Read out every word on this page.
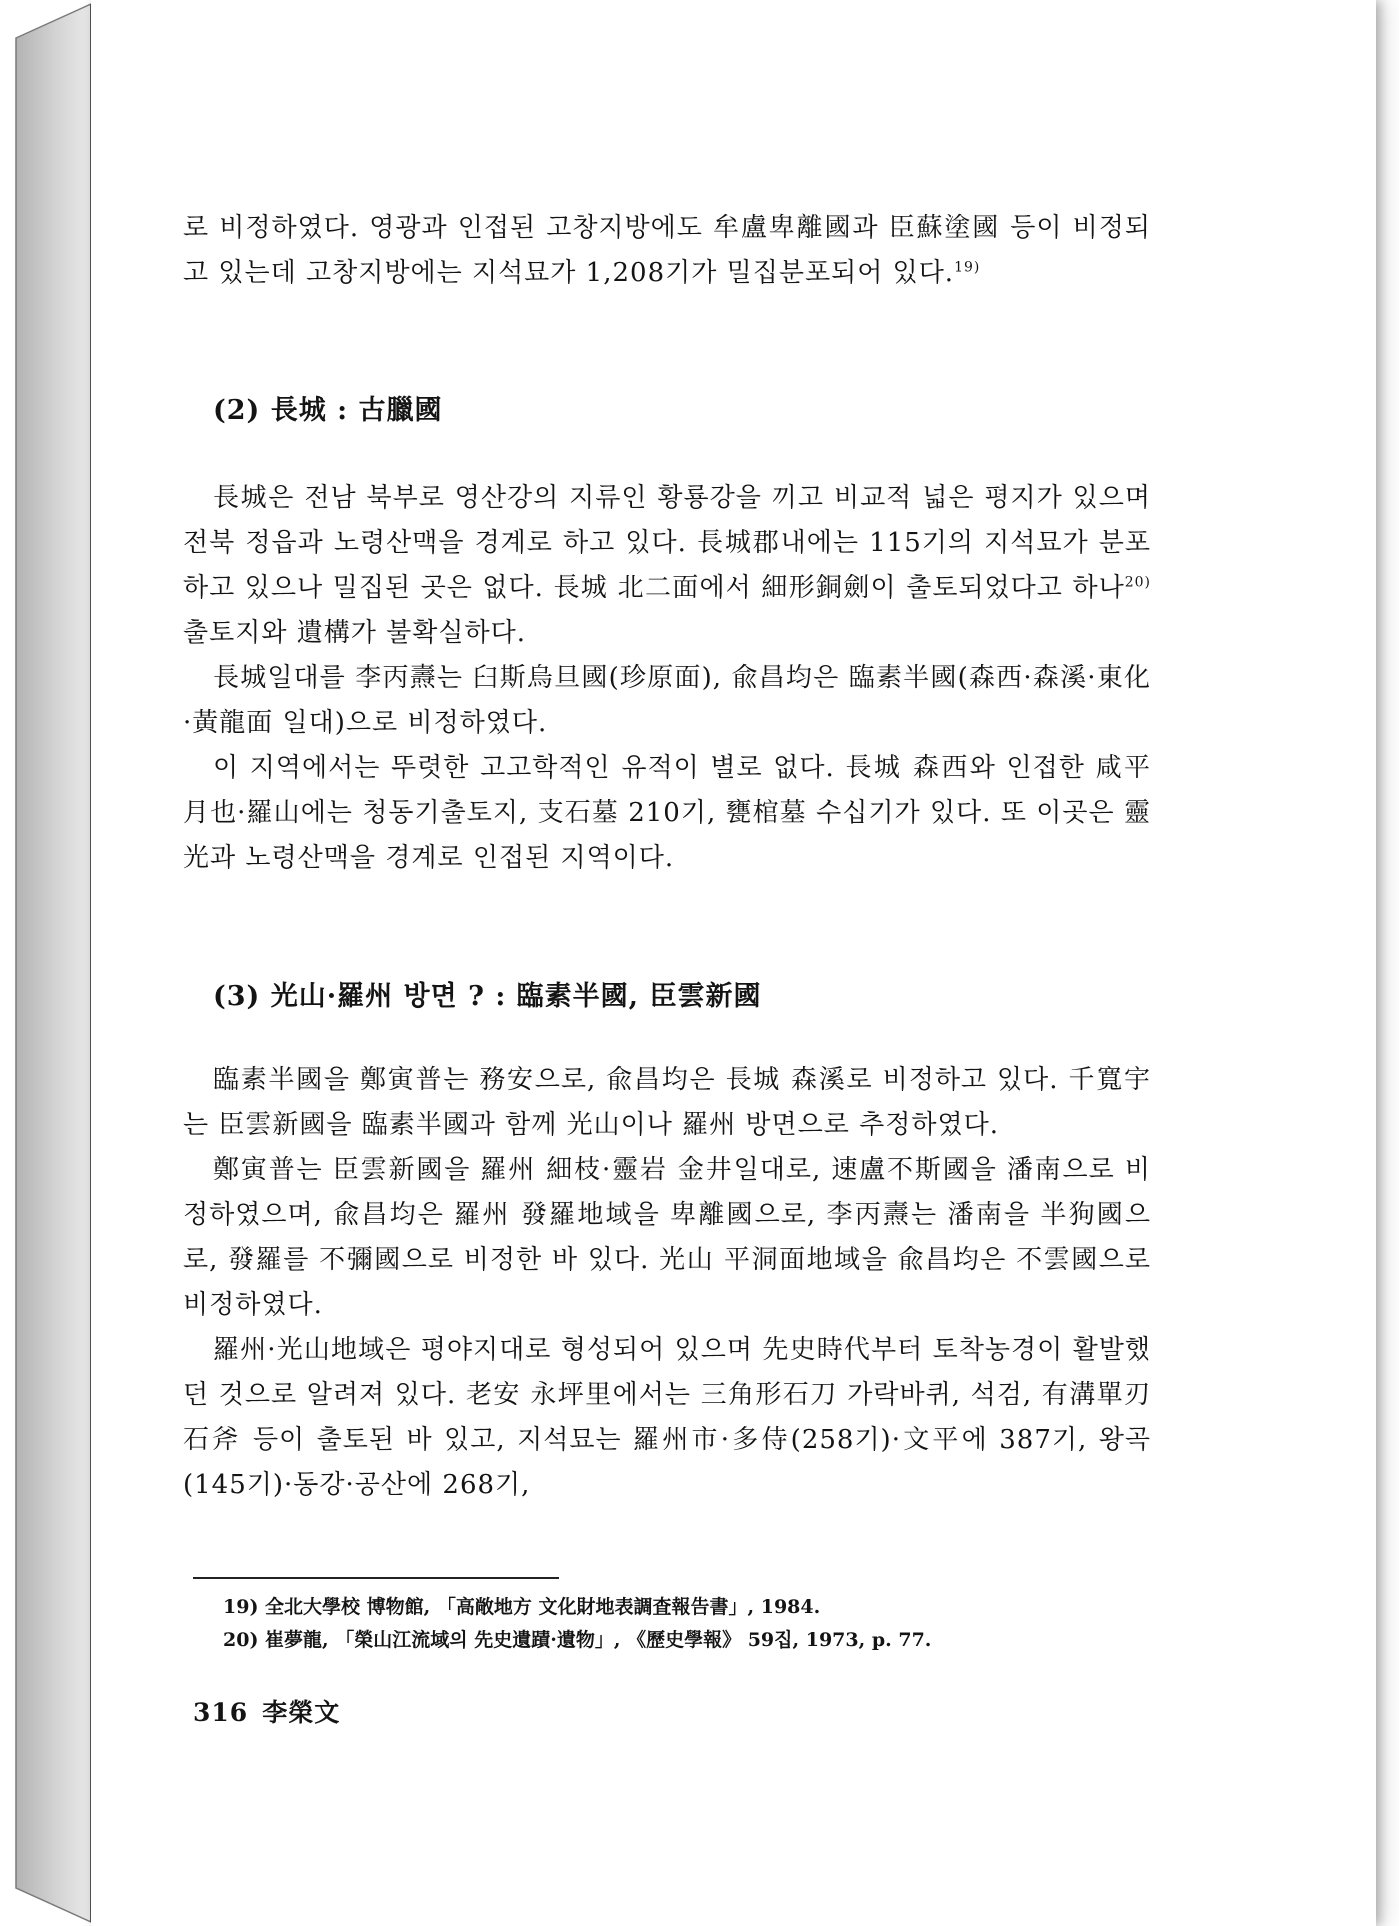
로 비정하였다. 영광과 인접된 고창지방에도 牟盧卑離國과 臣蘇塗國 등이 비정되고 있는데 고창지방에는 지석묘가 1,208기가 밀집분포되어 있다.$^{19)}$

(2) 長城 : 古臘國

長城은 전남 북부로 영산강의 지류인 황룡강을 끼고 비교적 넓은 평지가 있으며 전북 정읍과 노령산맥을 경계로 하고 있다. 長城郡내에는 115기의 지석묘가 분포하고 있으나 밀집된 곳은 없다. 長城 北二面에서 細形銅劍이 출토되었다고 하나$^{20)}$ 출토지와 遺構가 불확실하다.

長城일대를 李丙燾는 臼斯烏旦國(珍原面), 兪昌均은 臨素半國(森西·森溪·東化·黃龍面 일대)으로 비정하였다.

이 지역에서는 뚜렷한 고고학적인 유적이 별로 없다. 長城 森西와 인접한 咸平 月也·羅山에는 청동기출토지, 支石墓 210기, 甕棺墓 수십기가 있다. 또 이곳은 靈光과 노령산맥을 경계로 인접된 지역이다.

(3) 光山·羅州 방면 ? : 臨素半國, 臣雲新國

臨素半國을 鄭寅普는 務安으로, 兪昌均은 長城 森溪로 비정하고 있다. 千寬宇는 臣雲新國을 臨素半國과 함께 光山이나 羅州 방면으로 추정하였다.

鄭寅普는 臣雲新國을 羅州 細枝·靈岩 金井일대로, 速盧不斯國을 潘南으로 비정하였으며, 兪昌均은 羅州 發羅地域을 卑離國으로, 李丙燾는 潘南을 半狗國으로, 發羅를 不彌國으로 비정한 바 있다. 光山 平洞面地域을 兪昌均은 不雲國으로 비정하였다.

羅州·光山地域은 평야지대로 형성되어 있으며 先史時代부터 토착농경이 활발했던 것으로 알려져 있다. 老安 永坪里에서는 三角形石刀 가락바퀴, 석검, 有溝單刃石斧 등이 출토된 바 있고, 지석묘는 羅州市·多侍(258기)·文平에 387기, 왕곡(145기)·동강·공산에 268기,

19) 全北大學校 博物館, 「高敞地方 文化財地表調査報告書」, 1984.

20) 崔夢龍, 「榮山江流域의 先史遺蹟·遺物」, 《歷史學報》 59집, 1973, p. 77.

316 李榮文
